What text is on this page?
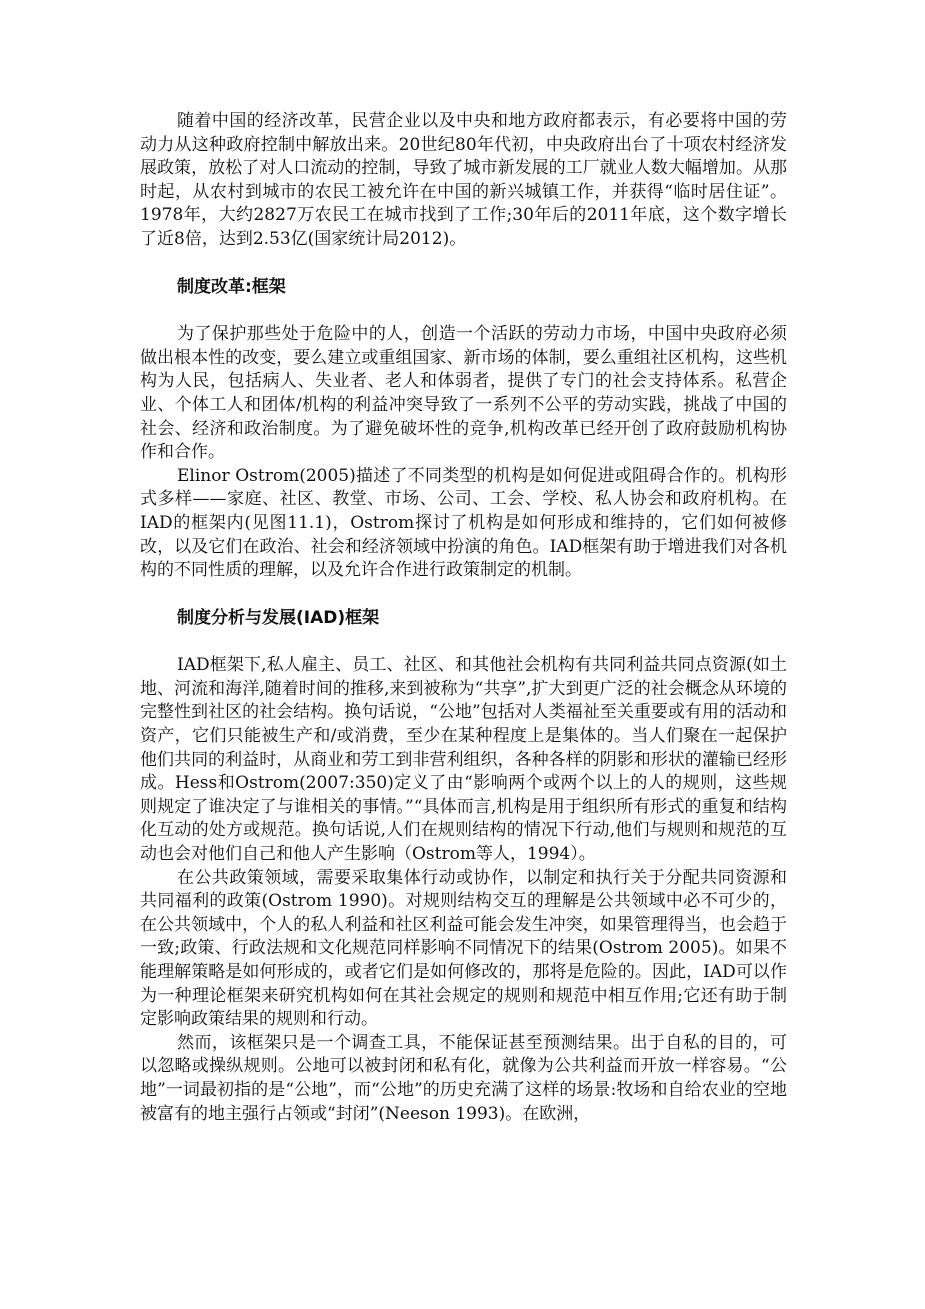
随着中国的经济改革，民营企业以及中央和地方政府都表示，有必要将中国的劳动力从这种政府控制中解放出来。20世纪80年代初，中央政府出台了十项农村经济发展政策，放松了对人口流动的控制，导致了城市新发展的工厂就业人数大幅增加。从那时起，从农村到城市的农民工被允许在中国的新兴城镇工作，并获得“临时居住证”。1978年，大约2827万农民工在城市找到了工作;30年后的2011年底，这个数字增长了近8倍，达到2.53亿(国家统计局2012)。

制度改革:框架

为了保护那些处于危险中的人，创造一个活跃的劳动力市场，中国中央政府必须做出根本性的改变，要么建立或重组国家、新市场的体制，要么重组社区机构，这些机构为人民，包括病人、失业者、老人和体弱者，提供了专门的社会支持体系。私营企业、个体工人和团体/机构的利益冲突导致了一系列不公平的劳动实践，挑战了中国的社会、经济和政治制度。为了避免破坏性的竞争,机构改革已经开创了政府鼓励机构协作和合作。

Elinor Ostrom(2005)描述了不同类型的机构是如何促进或阻碍合作的。机构形式多样——家庭、社区、教堂、市场、公司、工会、学校、私人协会和政府机构。在IAD的框架内(见图11.1)，Ostrom探讨了机构是如何形成和维持的，它们如何被修改，以及它们在政治、社会和经济领域中扮演的角色。IAD框架有助于增进我们对各机构的不同性质的理解，以及允许合作进行政策制定的机制。

制度分析与发展(IAD)框架

IAD框架下,私人雇主、员工、社区、和其他社会机构有共同利益共同点资源(如土地、河流和海洋,随着时间的推移,来到被称为“共享”,扩大到更广泛的社会概念从环境的完整性到社区的社会结构。换句话说，“公地”包括对人类福祉至关重要或有用的活动和资产，它们只能被生产和/或消费，至少在某种程度上是集体的。当人们聚在一起保护他们共同的利益时，从商业和劳工到非营利组织，各种各样的阴影和形状的灌输已经形成。Hess和Ostrom(2007:350)定义了由“影响两个或两个以上的人的规则，这些规则规定了谁决定了与谁相关的事情。”“具体而言,机构是用于组织所有形式的重复和结构化互动的处方或规范。换句话说,人们在规则结构的情况下行动,他们与规则和规范的互动也会对他们自己和他人产生影响（Ostrom等人，1994）。

在公共政策领域，需要采取集体行动或协作，以制定和执行关于分配共同资源和共同福利的政策(Ostrom 1990)。对规则结构交互的理解是公共领域中必不可少的，在公共领域中，个人的私人利益和社区利益可能会发生冲突，如果管理得当，也会趋于一致;政策、行政法规和文化规范同样影响不同情况下的结果(Ostrom 2005)。如果不能理解策略是如何形成的，或者它们是如何修改的，那将是危险的。因此，IAD可以作为一种理论框架来研究机构如何在其社会规定的规则和规范中相互作用;它还有助于制定影响政策结果的规则和行动。

然而，该框架只是一个调查工具，不能保证甚至预测结果。出于自私的目的，可以忽略或操纵规则。公地可以被封闭和私有化，就像为公共利益而开放一样容易。“公地”一词最初指的是“公地”，而“公地”的历史充满了这样的场景:牧场和自给农业的空地被富有的地主强行占领或“封闭”(Neeson 1993)。在欧洲，
